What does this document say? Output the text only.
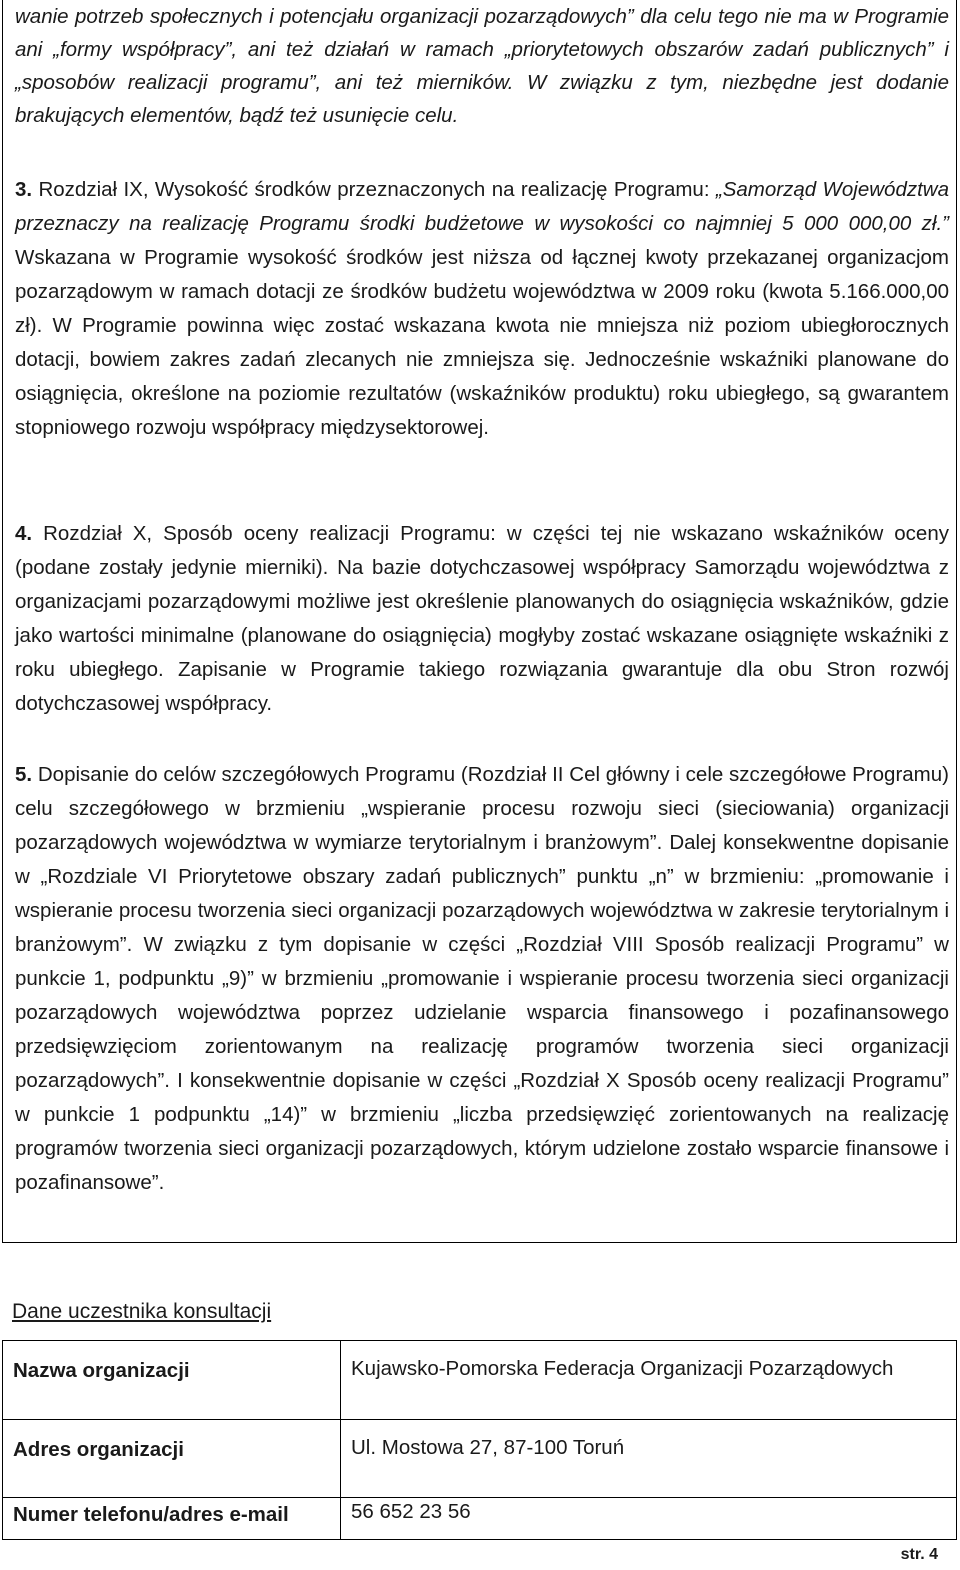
wanie potrzeb społecznych i potencjału organizacji pozarządowych” dla celu tego nie ma w Programie ani „formy współpracy”, ani też działań w ramach „priorytetowych obszarów zadań publicznych” i „sposobów realizacji programu”, ani też mierników. W związku z tym, niezbędne jest dodanie brakujących elementów, bądź też usunięcie celu.

3. Rozdział IX, Wysokość środków przeznaczonych na realizację Programu: „Samorząd Województwa przeznaczy na realizację Programu środki budżetowe w wysokości co najmniej 5 000 000,00 zł.” Wskazana w Programie wysokość środków jest niższa od łącznej kwoty przekazanej organizacjom pozarządowym w ramach dotacji ze środków budżetu województwa w 2009 roku (kwota 5.166.000,00 zł). W Programie powinna więc zostać wskazana kwota nie mniejsza niż poziom ubiegłorocznych dotacji, bowiem zakres zadań zlecanych nie zmniejsza się. Jednocześnie wskaźniki planowane do osiągnięcia, określone na poziomie rezultatów (wskaźników produktu) roku ubiegłego, są gwarantem stopniowego rozwoju współpracy międzysektorowej.

4. Rozdział X, Sposób oceny realizacji Programu: w części tej nie wskazano wskaźników oceny (podane zostały jedynie mierniki). Na bazie dotychczasowej współpracy Samorządu województwa z organizacjami pozarządowymi możliwe jest określenie planowanych do osiągnięcia wskaźników, gdzie jako wartości minimalne (planowane do osiągnięcia) mogłyby zostać wskazane osiągnięte wskaźniki z roku ubiegłego. Zapisanie w Programie takiego rozwiązania gwarantuje dla obu Stron rozwój dotychczasowej współpracy.

5. Dopisanie do celów szczegółowych Programu (Rozdział II Cel główny i cele szczegółowe Programu) celu szczegółowego w brzmieniu „wspieranie procesu rozwoju sieci (sieciowania) organizacji pozarządowych województwa w wymiarze terytorialnym i branżowym”. Dalej konsekwentne dopisanie w „Rozdziale VI Priorytetowe obszary zadań publicznych” punktu „n” w brzmieniu: „promowanie i wspieranie procesu tworzenia sieci organizacji pozarządowych województwa w zakresie terytorialnym i branżowym”. W związku z tym dopisanie w części „Rozdział VIII Sposób realizacji Programu” w punkcie 1, podpunktu „9)” w brzmieniu „promowanie i wspieranie procesu tworzenia sieci organizacji pozarządowych województwa poprzez udzielanie wsparcia finansowego i pozafinansowego przedsięwzięciom zorientowanym na realizację programów tworzenia sieci organizacji pozarządowych”. I konsekwentnie dopisanie w części „Rozdział X Sposób oceny realizacji Programu” w punkcie 1 podpunktu „14)” w brzmieniu „liczba przedsięwzięć zorientowanych na realizację programów tworzenia sieci organizacji pozarządowych, którym udzielone zostało wsparcie finansowe i pozafinansowe”.

Dane uczestnika konsultacji

Nazwa organizacji	Kujawsko-Pomorska Federacja Organizacji Pozarządowych
Adres organizacji	Ul. Mostowa 27, 87-100 Toruń
Numer telefonu/adres e-mail	56 652 23 56
str. 4
